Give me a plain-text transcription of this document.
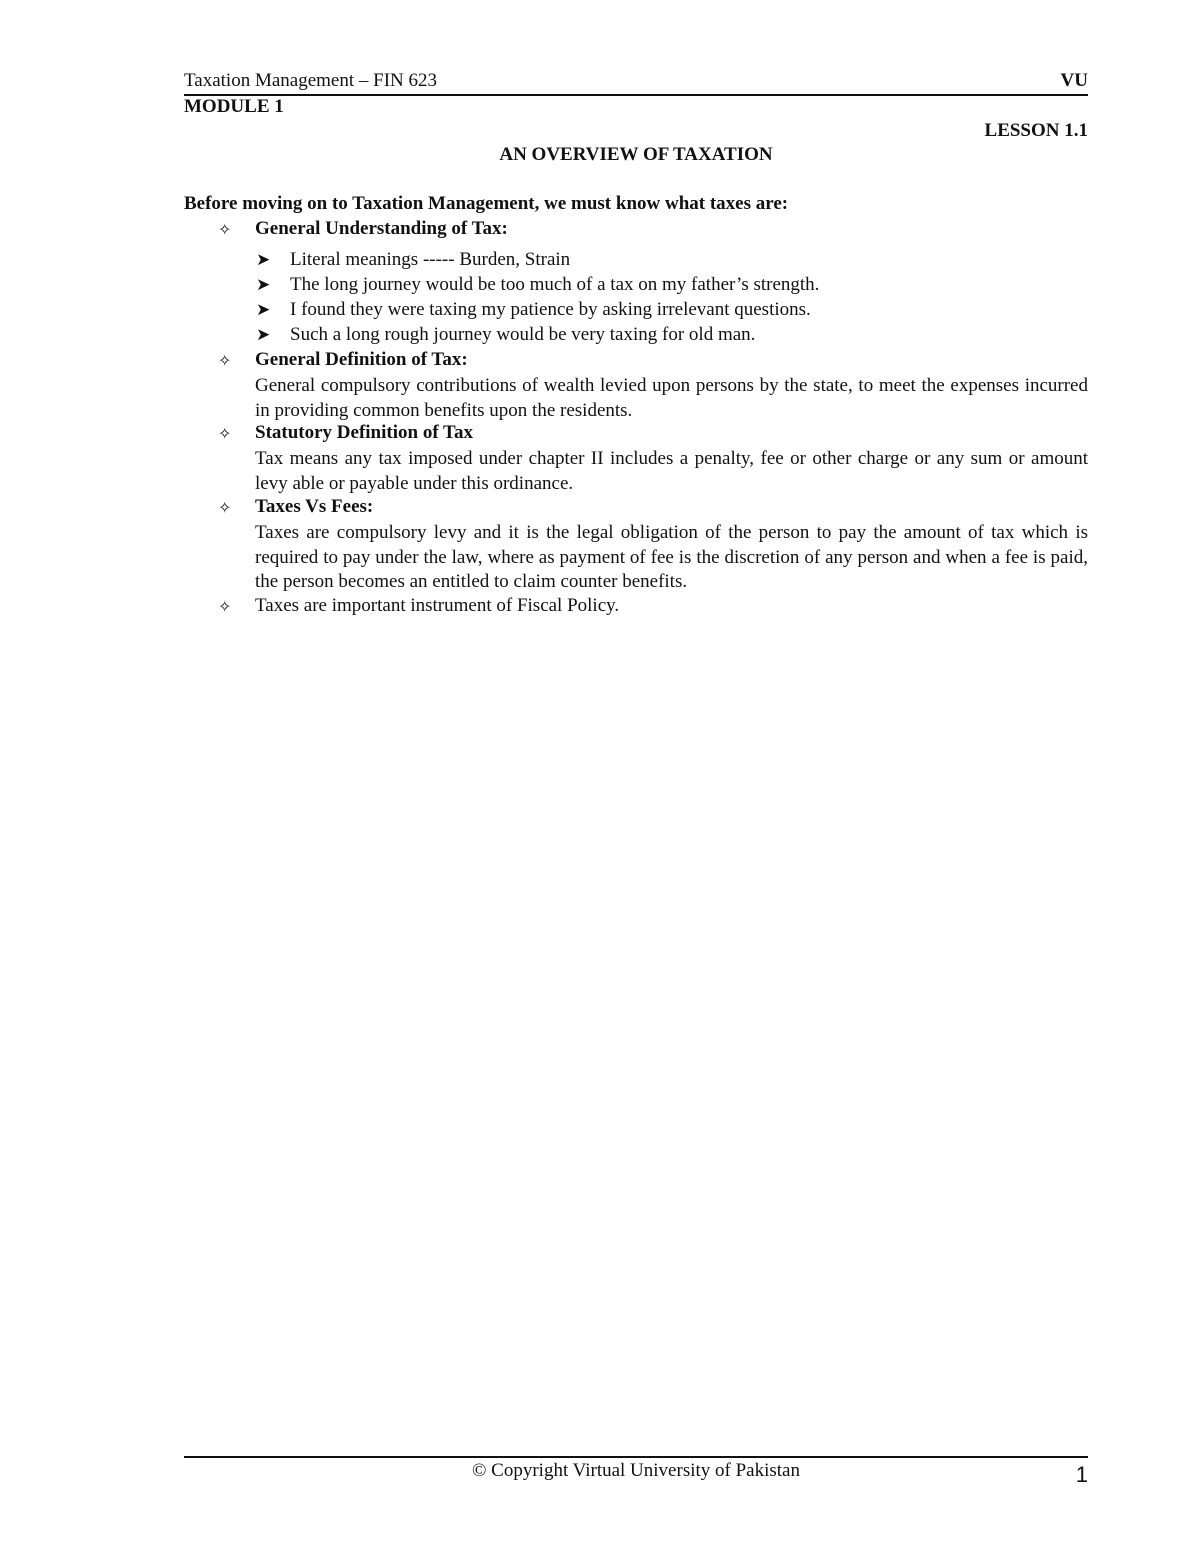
Taxation Management – FIN 623	VU
MODULE 1
LESSON 1.1
AN OVERVIEW OF TAXATION
Before moving on to Taxation Management, we must know what taxes are:
✧ General Understanding of Tax:
➤ Literal meanings ----- Burden, Strain
➤ The long journey would be too much of a tax on my father’s strength.
➤ I found they were taxing my patience by asking irrelevant questions.
➤ Such a long rough journey would be very taxing for old man.
✧ General Definition of Tax:
General compulsory contributions of wealth levied upon persons by the state, to meet the expenses incurred in providing common benefits upon the residents.
✧ Statutory Definition of Tax
Tax means any tax imposed under chapter II includes a penalty, fee or other charge or any sum or amount levy able or payable under this ordinance.
✧ Taxes Vs Fees:
Taxes are compulsory levy and it is the legal obligation of the person to pay the amount of tax which is required to pay under the law, where as payment of fee is the discretion of any person and when a fee is paid, the person becomes an entitled to claim counter benefits.
✧ Taxes are important instrument of Fiscal Policy.
© Copyright Virtual University of Pakistan	1
